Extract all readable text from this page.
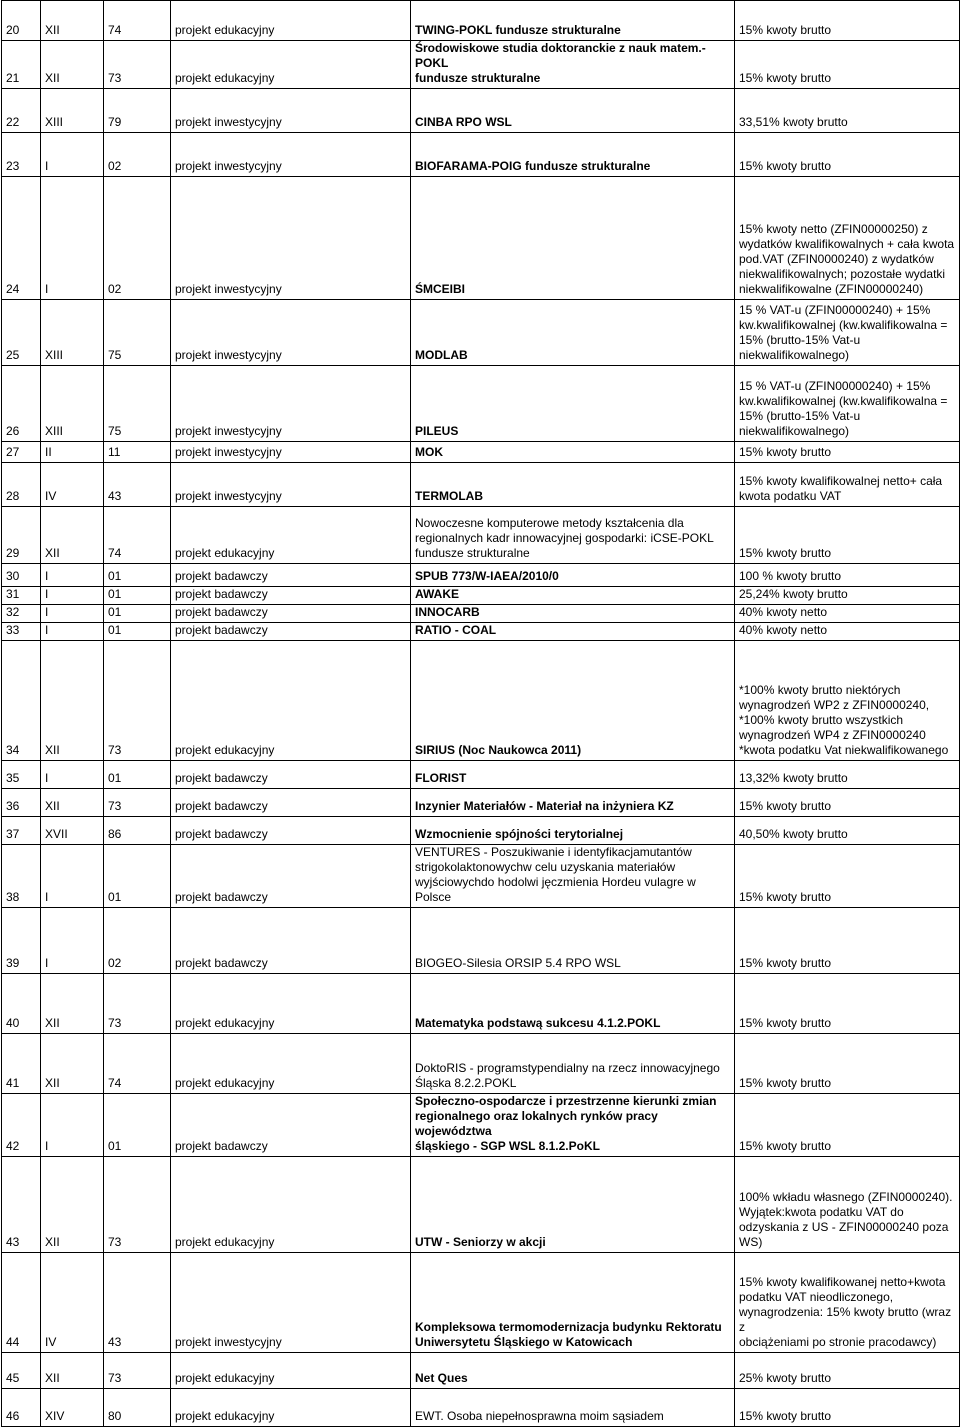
20	XII	74	projekt edukacyjny	TWING-POKL fundusze strukturalne	15% kwoty brutto
21	XII	73	projekt edukacyjny	Środowiskowe studia doktoranckie z nauk matem.-POKL
fundusze strukturalne	15% kwoty brutto
22	XIII	79	projekt inwestycyjny	CINBA RPO WSL	33,51% kwoty brutto
23	I	02	projekt inwestycyjny	BIOFARAMA-POIG fundusze strukturalne	15% kwoty brutto
24	I	02	projekt inwestycyjny	ŚMCEIBI	15% kwoty netto (ZFIN00000250) z
wydatków kwalifikowalnych + cała kwota
pod.VAT (ZFIN0000240) z wydatków
niekwalifikowalnych; pozostałe wydatki
niekwalifikowalne (ZFIN00000240)
25	XIII	75	projekt inwestycyjny	MODLAB	15 % VAT-u (ZFIN00000240) + 15%
kw.kwalifikowalnej (kw.kwalifikowalna =
15% (brutto-15% Vat-u
niekwalifikowalnego)
26	XIII	75	projekt inwestycyjny	PILEUS	15 % VAT-u (ZFIN00000240) + 15%
kw.kwalifikowalnej (kw.kwalifikowalna =
15% (brutto-15% Vat-u
niekwalifikowalnego)
27	II	11	projekt inwestycyjny	MOK	15% kwoty brutto
28	IV	43	projekt inwestycyjny	TERMOLAB	15% kwoty kwalifikowalnej netto+ cała
kwota podatku VAT
29	XII	74	projekt edukacyjny	Nowoczesne komputerowe metody kształcenia dla
regionalnych kadr innowacyjnej gospodarki: iCSE-POKL
fundusze strukturalne	15% kwoty brutto
30	I	01	projekt badawczy	SPUB 773/W-IAEA/2010/0	100 % kwoty brutto
31	I	01	projekt badawczy	AWAKE	25,24% kwoty brutto
32	I	01	projekt badawczy	INNOCARB	40% kwoty netto
33	I	01	projekt badawczy	RATIO - COAL	40% kwoty netto
34	XII	73	projekt edukacyjny	SIRIUS (Noc Naukowca 2011)	*100% kwoty brutto niektórych
wynagrodzeń WP2 z ZFIN0000240,
*100% kwoty brutto wszystkich
wynagrodzeń WP4 z ZFIN0000240
*kwota podatku Vat niekwalifikowanego
35	I	01	projekt badawczy	FLORIST	13,32% kwoty brutto
36	XII	73	projekt badawczy	Inzynier Materiałów - Materiał na inżyniera KZ	15% kwoty brutto
37	XVII	86	projekt badawczy	Wzmocnienie spójności terytorialnej	40,50% kwoty brutto
38	I	01	projekt badawczy	VENTURES - Poszukiwanie i identyfikacjamutantów
strigokolaktonowychw celu uzyskania materiałów
wyjściowychdo hodolwi jęczmienia Hordeu vulagre w Polsce	15% kwoty brutto
39	I	02	projekt badawczy	BIOGEO-Silesia ORSIP 5.4 RPO WSL	15% kwoty brutto
40	XII	73	projekt edukacyjny	Matematyka podstawą sukcesu 4.1.2.POKL	15% kwoty brutto
41	XII	74	projekt edukacyjny	DoktoRIS - programstypendialny na rzecz innowacyjnego
Śląska 8.2.2.POKL	15% kwoty brutto
42	I	01	projekt badawczy	Społeczno-ospodarcze i przestrzenne kierunki zmian
regionalnego oraz lokalnych rynków pracy województwa
śląskiego - SGP WSL 8.1.2.PoKL	15% kwoty brutto
43	XII	73	projekt edukacyjny	UTW - Seniorzy w akcji	100% wkładu własnego (ZFIN0000240).
Wyjątek:kwota podatku VAT do
odzyskania z US - ZFIN00000240 poza
WS)
44	IV	43	projekt inwestycyjny	Kompleksowa termomodernizacja budynku Rektoratu
Uniwersytetu Śląskiego w Katowicach	15% kwoty kwalifikowanej netto+kwota
podatku VAT nieodliczonego,
wynagrodzenia: 15% kwoty brutto (wraz z
obciążeniami po stronie pracodawcy)
45	XII	73	projekt edukacyjny	Net Ques	25% kwoty brutto
46	XIV	80	projekt edukacyjny	EWT. Osoba niepełnosprawna moim sąsiadem	15% kwoty brutto
